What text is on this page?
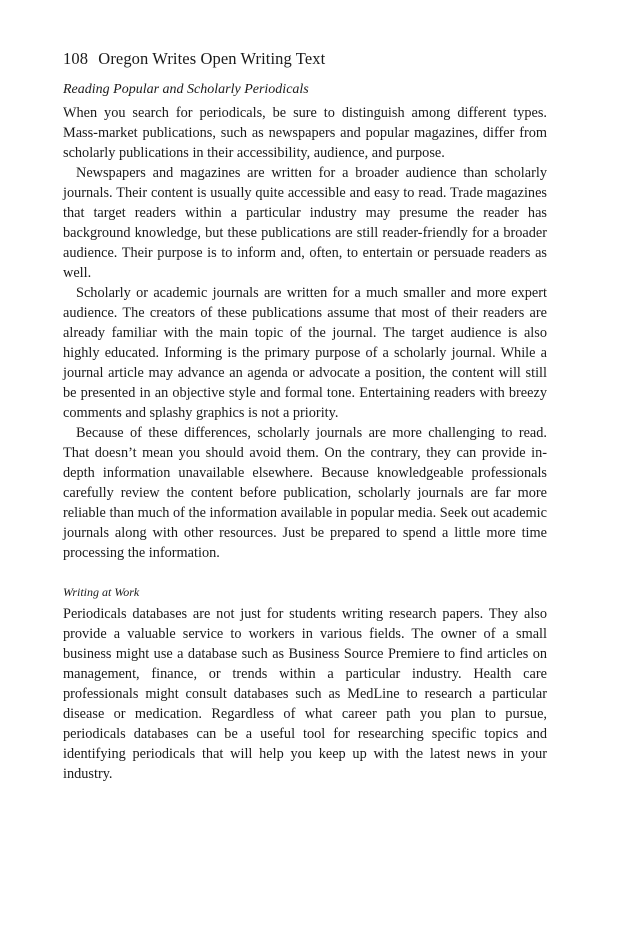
108 Oregon Writes Open Writing Text
Reading Popular and Scholarly Periodicals

When you search for periodicals, be sure to distinguish among different types. Mass-market publications, such as newspapers and popular magazines, differ from scholarly publications in their accessibility, audience, and purpose.

Newspapers and magazines are written for a broader audience than scholarly journals. Their content is usually quite accessible and easy to read. Trade magazines that target readers within a particular industry may presume the reader has background knowledge, but these publications are still reader-friendly for a broader audience. Their purpose is to inform and, often, to entertain or persuade readers as well.

Scholarly or academic journals are written for a much smaller and more expert audience. The creators of these publications assume that most of their readers are already familiar with the main topic of the journal. The target audience is also highly educated. Informing is the primary purpose of a scholarly journal. While a journal article may advance an agenda or advocate a position, the content will still be presented in an objective style and formal tone. Entertaining readers with breezy comments and splashy graphics is not a priority.

Because of these differences, scholarly journals are more challenging to read. That doesn’t mean you should avoid them. On the contrary, they can provide in-depth information unavailable elsewhere. Because knowledgeable professionals carefully review the content before publication, scholarly journals are far more reliable than much of the information available in popular media. Seek out academic journals along with other resources. Just be prepared to spend a little more time processing the information.

Writing at Work

Periodicals databases are not just for students writing research papers. They also provide a valuable service to workers in various fields. The owner of a small business might use a database such as Business Source Premiere to find articles on management, finance, or trends within a particular industry. Health care professionals might consult databases such as MedLine to research a particular disease or medication. Regardless of what career path you plan to pursue, periodicals databases can be a useful tool for researching specific topics and identifying periodicals that will help you keep up with the latest news in your industry.
